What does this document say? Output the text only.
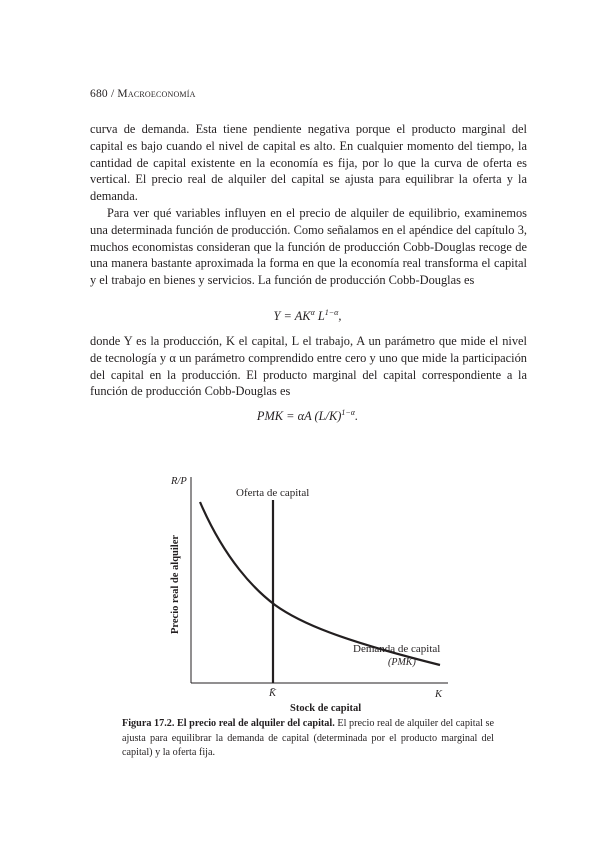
680 / Macroeconomía

curva de demanda. Esta tiene pendiente negativa porque el producto marginal del capital es bajo cuando el nivel de capital es alto. En cualquier momento del tiempo, la cantidad de capital existente en la economía es fija, por lo que la curva de oferta es vertical. El precio real de alquiler del capital se ajusta para equilibrar la oferta y la demanda.

Para ver qué variables influyen en el precio de alquiler de equilibrio, examinemos una determinada función de producción. Como señalamos en el apéndice del capítulo 3, muchos economistas consideran que la función de producción Cobb-Douglas recoge de una manera bastante aproximada la forma en que la economía real transforma el capital y el trabajo en bienes y servicios. La función de producción Cobb-Douglas es

$Y = AK^\alpha$ $L^{1-\alpha}$,

donde Y es la producción, K el capital, L el trabajo, A un parámetro que mide el nivel de tecnología y α un parámetro comprendido entre cero y uno que mide la participación del capital en la producción. El producto marginal del capital correspondiente a la función de producción Cobb-Douglas es

PMK = αA $(L/K)^{1-\alpha}$.
R/P
K
Oferta de capital
Demanda de capital
(PMK)
K̄
Stock de capital
Precio real de alquiler
Figura 17.2. El precio real de alquiler del capital. El precio real de alquiler del capital se ajusta para equilibrar la demanda de capital (determinada por el producto marginal del capital) y la oferta fija.
